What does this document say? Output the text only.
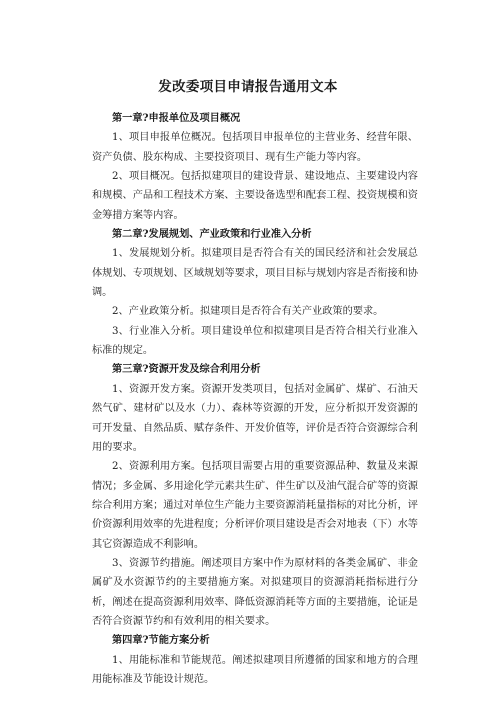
发改委项目申请报告通用文本

第一章?申报单位及项目概况

1、项目申报单位概况。包括项目申报单位的主营业务、经营年限、资产负债、股东构成、主要投资项目、现有生产能力等内容。

2、项目概况。包括拟建项目的建设背景、建设地点、主要建设内容和规模、产品和工程技术方案、主要设备选型和配套工程、投资规模和资金筹措方案等内容。

第二章?发展规划、产业政策和行业准入分析

1、发展规划分析。拟建项目是否符合有关的国民经济和社会发展总体规划、专项规划、区域规划等要求，项目目标与规划内容是否衔接和协调。

2、产业政策分析。拟建项目是否符合有关产业政策的要求。

3、行业准入分析。项目建设单位和拟建项目是否符合相关行业准入标准的规定。

第三章?资源开发及综合利用分析

1、资源开发方案。资源开发类项目，包括对金属矿、煤矿、石油天然气矿、建材矿以及水（力）、森林等资源的开发，应分析拟开发资源的可开发量、自然品质、赋存条件、开发价值等，评价是否符合资源综合利用的要求。

2、资源利用方案。包括项目需要占用的重要资源品种、数量及来源情况；多金属、多用途化学元素共生矿、伴生矿以及油气混合矿等的资源综合利用方案；通过对单位生产能力主要资源消耗量指标的对比分析，评价资源利用效率的先进程度；分析评价项目建设是否会对地表（下）水等其它资源造成不利影响。

3、资源节约措施。阐述项目方案中作为原材料的各类金属矿、非金属矿及水资源节约的主要措施方案。对拟建项目的资源消耗指标进行分析，阐述在提高资源利用效率、降低资源消耗等方面的主要措施，论证是否符合资源节约和有效利用的相关要求。

第四章?节能方案分析

1、用能标准和节能规范。阐述拟建项目所遵循的国家和地方的合理用能标准及节能设计规范。
